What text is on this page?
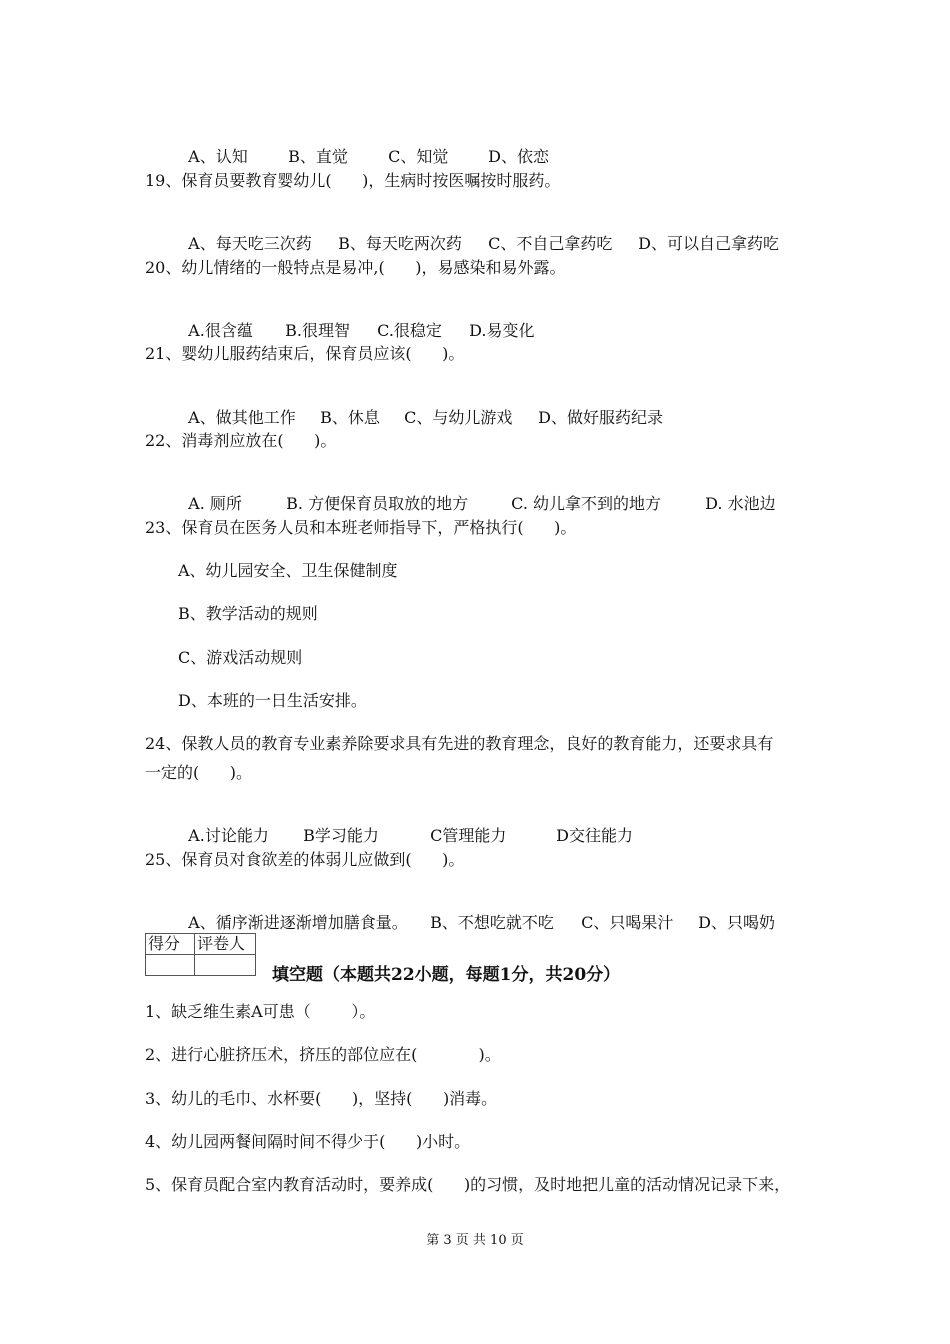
A、认知	B、直觉	C、知觉 D、依恋

19、保育员要教育婴幼儿(      )，生病时按医嘱按时服药。

A、每天吃三次药 B、每天吃两次药 C、不自己拿药吃 D、可以自己拿药吃

20、幼儿情绪的一般特点是易冲,(      )，易感染和易外露。

A.很含蕴 B.很理智 C.很稳定 D.易变化

21、婴幼儿服药结束后，保育员应该(      )。

A、做其他工作 B、休息 C、与幼儿游戏 D、做好服药纪录

22、消毒剂应放在(      )。

A. 厕所	B. 方便保育员取放的地方	C. 幼儿拿不到的地方	D. 水池边

23、保育员在医务人员和本班老师指导下，严格执行(      )。
A、幼儿园安全、卫生保健制度
B、教学活动的规则
C、游戏活动规则
D、本班的一日生活安排。
24、保教人员的教育专业素养除要求具有先进的教育理念，良好的教育能力，还要求具有
一定的(      )。

A.讨论能力 B学习能力	C管理能力	D交往能力

25、保育员对食欲差的体弱儿应做到(      )。

A、循序渐进逐渐增加膳食量。 B、不想吃就不吃 C、只喝果汁 D、只喝奶

得分	评卷人

填空题（本题共22小题，每题1分，共20分）
1、缺乏维生素A可患（        ）。
2、进行心脏挤压术，挤压的部位应在(            )。
3、幼儿的毛巾、水杯要(      )，坚持(      )消毒。
4、幼儿园两餐间隔时间不得少于(      )小时。
5、保育员配合室内教育活动时，要养成(      )的习惯，及时地把儿童的活动情况记录下来，
第 3 页 共 10 页
